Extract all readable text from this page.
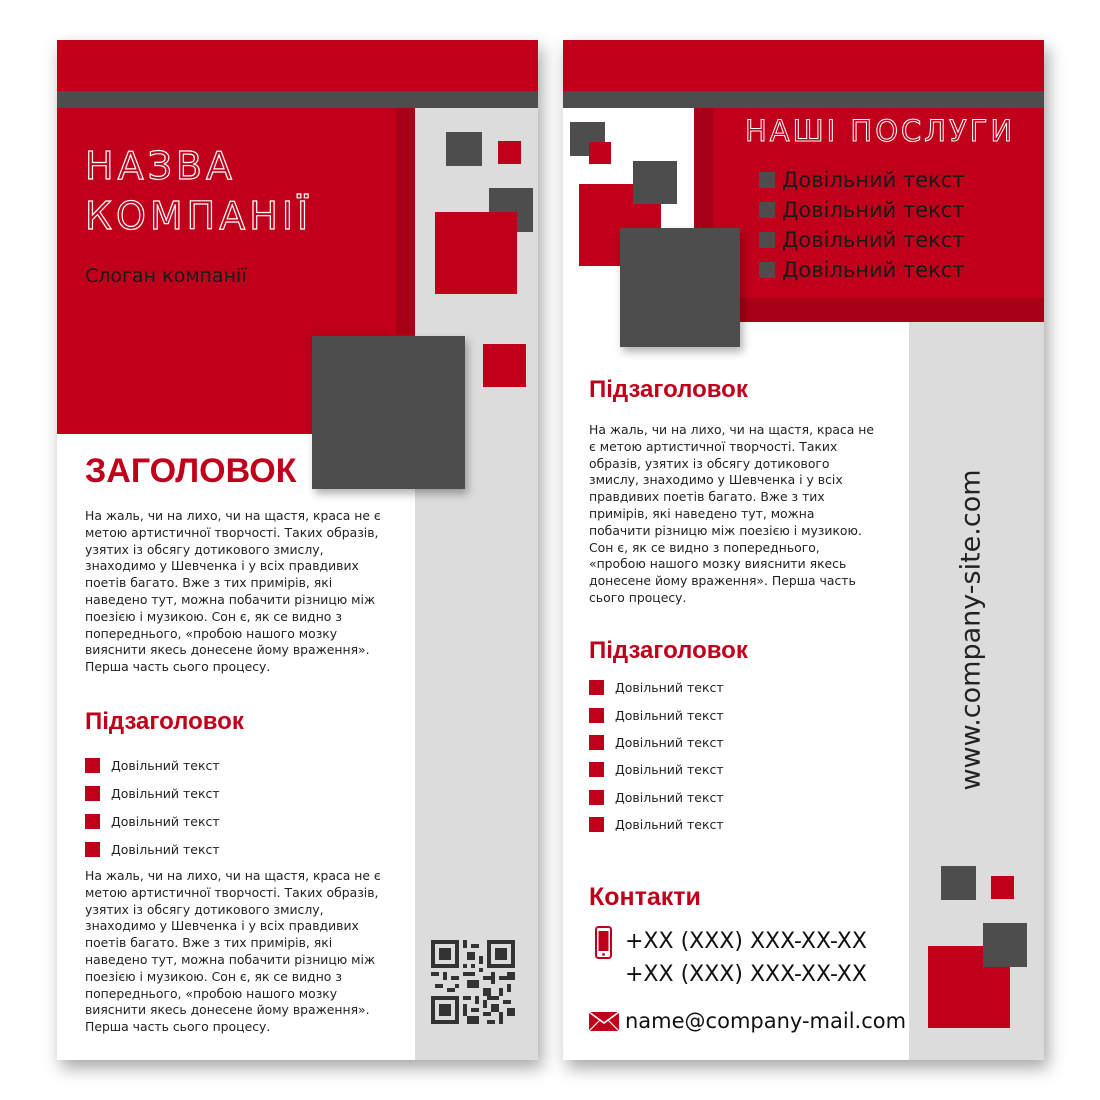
НАЗВА
КОМПАНІЇ
Слоган компанії
ЗАГОЛОВОК
На жаль, чи на лихо, чи на щастя, краса не є метою артистичної творчості. Таких образів, узятих із обсягу дотикового змислу, знаходимо у Шевченка і у всіх правдивих поетів багато. Вже з тих примірів, які наведено тут, можна побачити різницю між поезією і музикою. Сон є, як се видно з попереднього, «пробою нашого мозку вияснити якесь донесене йому враження». Перша часть сього процесу.
Підзаголовок
Довільний текст
Довільний текст
Довільний текст
Довільний текст
На жаль, чи на лихо, чи на щастя, краса не є метою артистичної творчості. Таких образів, узятих із обсягу дотикового змислу, знаходимо у Шевченка і у всіх правдивих поетів багато. Вже з тих примірів, які наведено тут, можна побачити різницю між поезією і музикою. Сон є, як се видно з попереднього, «пробою нашого мозку вияснити якесь донесене йому враження». Перша часть сього процесу.
НАШІ ПОСЛУГИ
Довільний текст
Довільний текст
Довільний текст
Довільний текст
www.company-site.com
Підзаголовок
На жаль, чи на лихо, чи на щастя, краса не є метою артистичної творчості. Таких образів, узятих із обсягу дотикового змислу, знаходимо у Шевченка і у всіх правдивих поетів багато. Вже з тих примірів, які наведено тут, можна побачити різницю між поезією і музикою. Сон є, як се видно з попереднього, «пробою нашого мозку вияснити якесь донесене йому враження». Перша часть сього процесу.
Підзаголовок
Довільний текст
Довільний текст
Довільний текст
Довільний текст
Довільний текст
Довільний текст
Контакти
+XX (XXX) XXX-XX-XX
+XX (XXX) XXX-XX-XX
name@company-mail.com
